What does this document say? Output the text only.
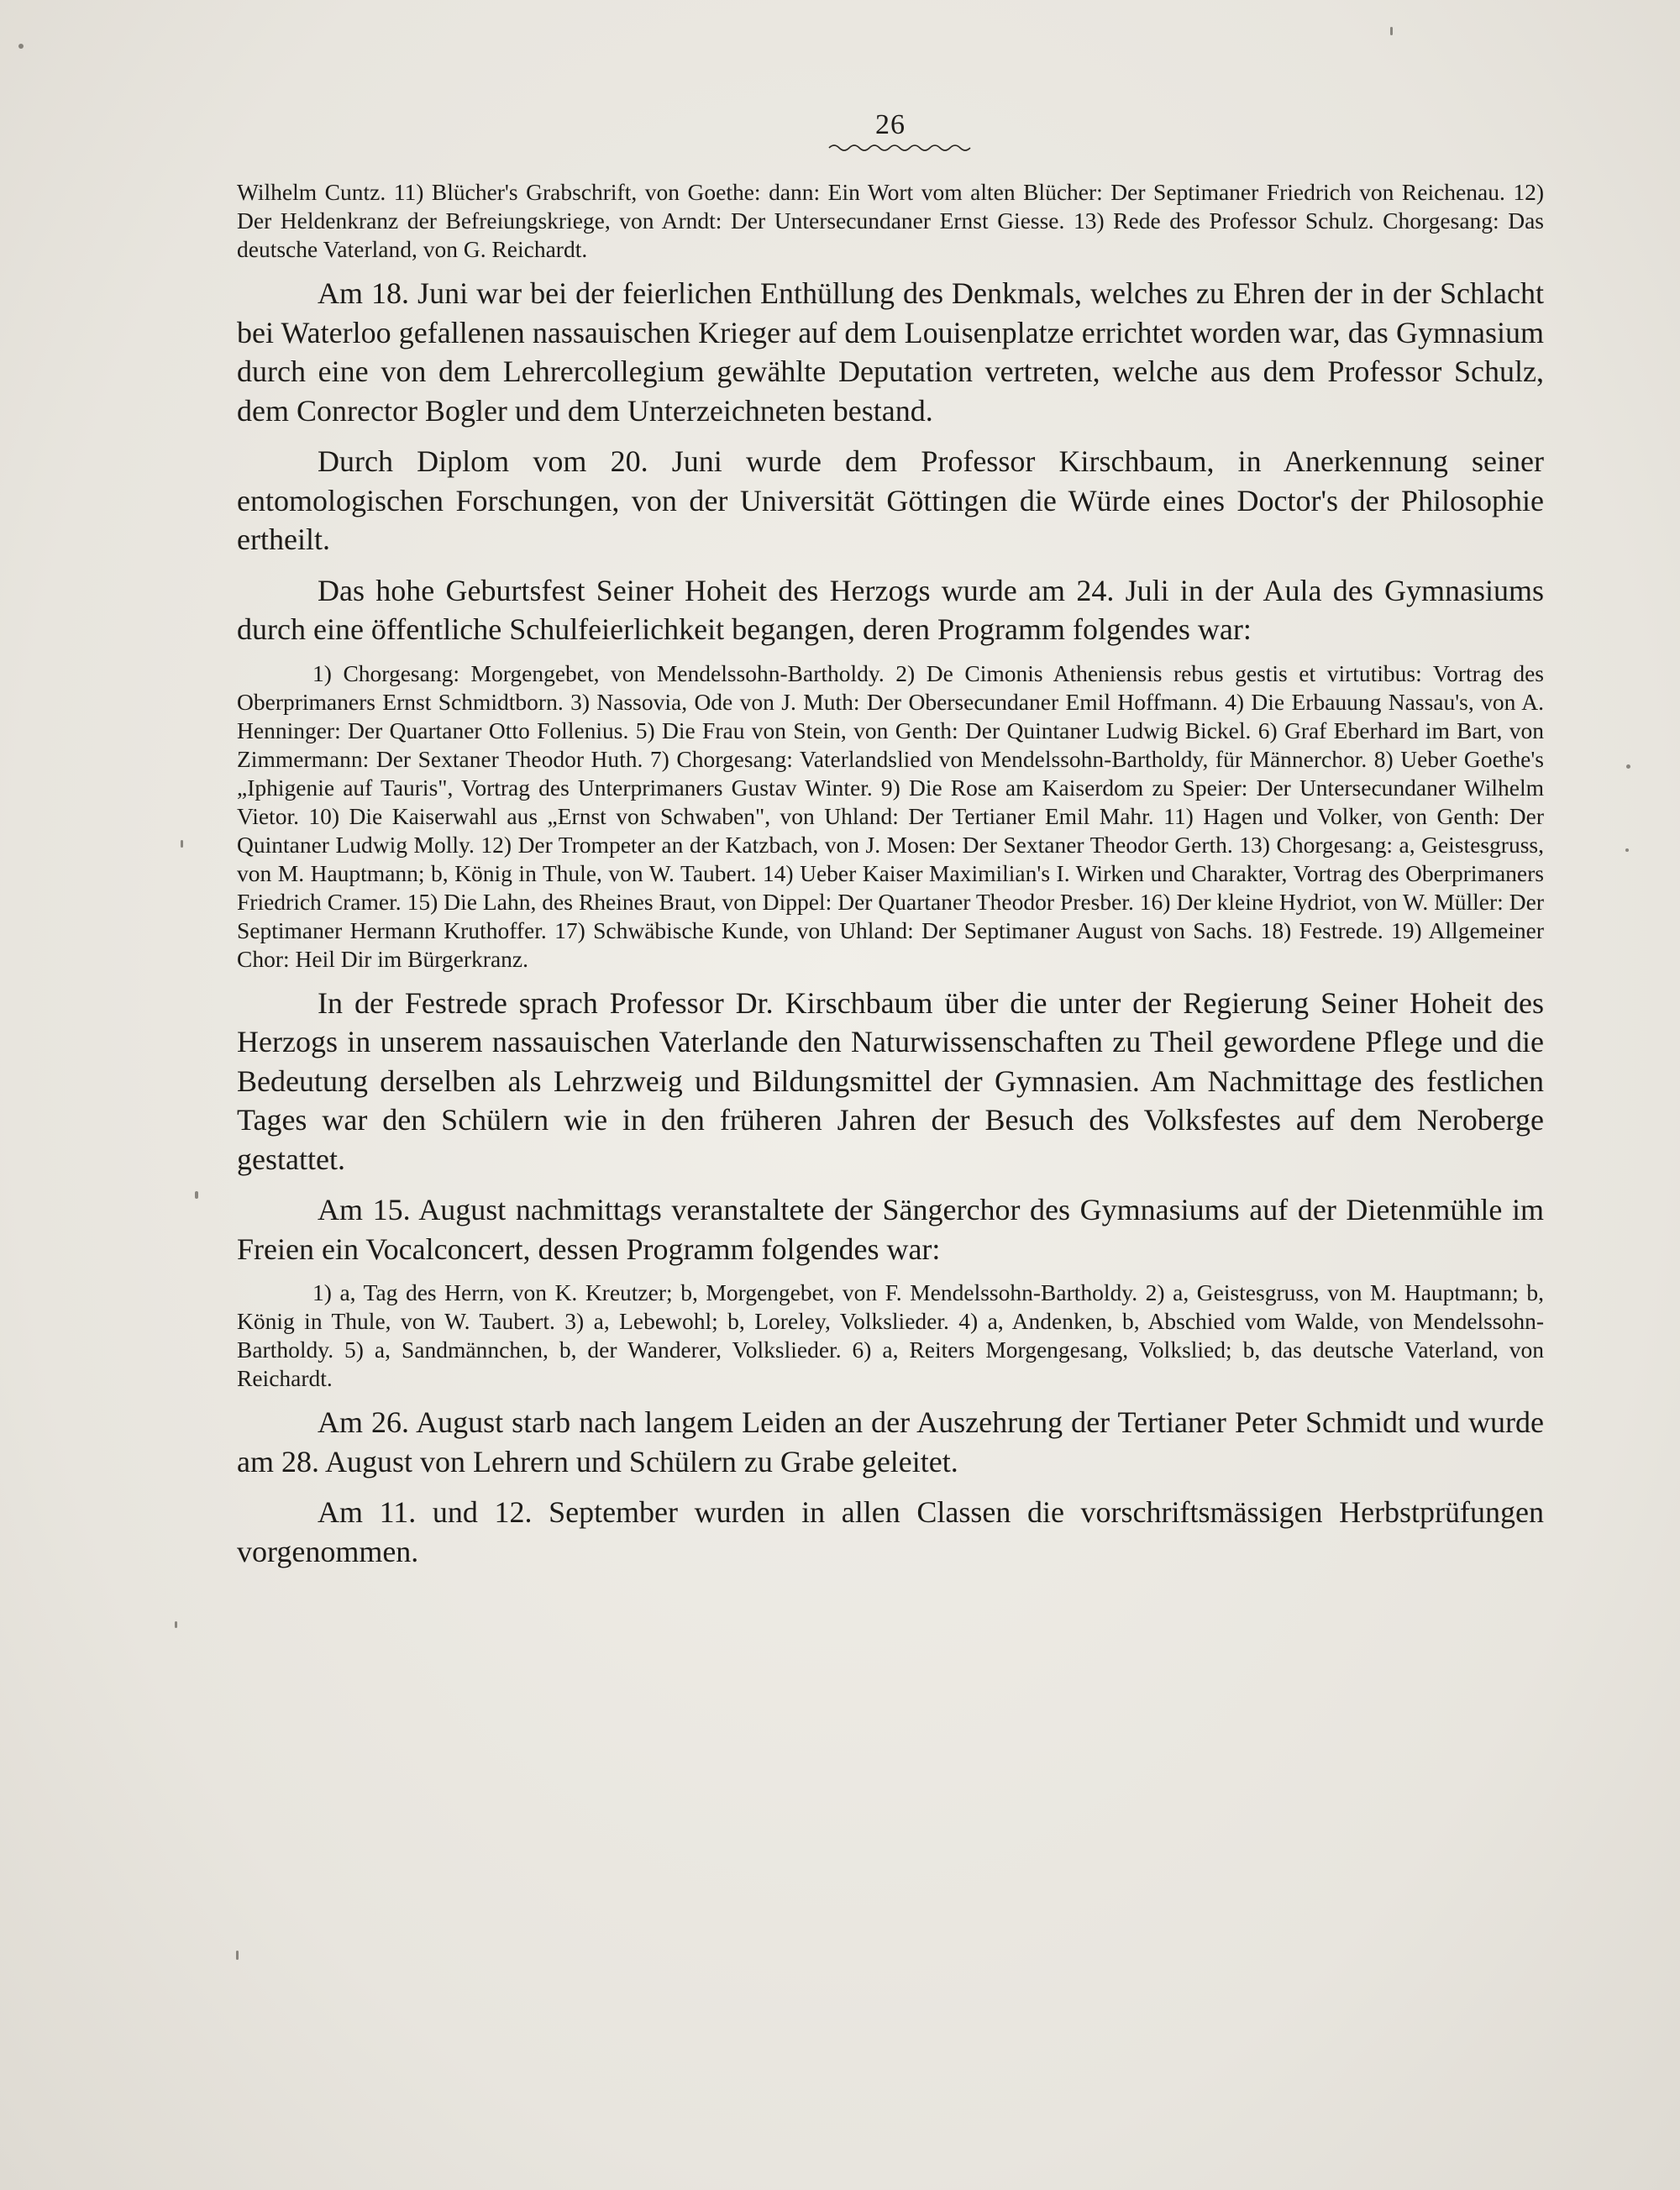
26

Wilhelm Cuntz. 11) Blücher's Grabschrift, von Goethe: dann: Ein Wort vom alten Blücher: Der Septimaner Friedrich von Reichenau. 12) Der Heldenkranz der Befreiungskriege, von Arndt: Der Untersecundaner Ernst Giesse. 13) Rede des Professor Schulz. Chorgesang: Das deutsche Vaterland, von G. Reichardt.

Am 18. Juni war bei der feierlichen Enthüllung des Denkmals, welches zu Ehren der in der Schlacht bei Waterloo gefallenen nassauischen Krieger auf dem Louisenplatze errichtet worden war, das Gymnasium durch eine von dem Lehrercollegium gewählte Deputation vertreten, welche aus dem Professor Schulz, dem Conrector Bogler und dem Unterzeichneten bestand.

Durch Diplom vom 20. Juni wurde dem Professor Kirschbaum, in Anerkennung seiner entomologischen Forschungen, von der Universität Göttingen die Würde eines Doctor's der Philosophie ertheilt.

Das hohe Geburtsfest Seiner Hoheit des Herzogs wurde am 24. Juli in der Aula des Gymnasiums durch eine öffentliche Schulfeierlichkeit begangen, deren Programm folgendes war:

1) Chorgesang: Morgengebet, von Mendelssohn-Bartholdy. 2) De Cimonis Atheniensis rebus gestis et virtutibus: Vortrag des Oberprimaners Ernst Schmidtborn. 3) Nassovia, Ode von J. Muth: Der Obersecundaner Emil Hoffmann. 4) Die Erbauung Nassau's, von A. Henninger: Der Quartaner Otto Follenius. 5) Die Frau von Stein, von Genth: Der Quintaner Ludwig Bickel. 6) Graf Eberhard im Bart, von Zimmermann: Der Sextaner Theodor Huth. 7) Chorgesang: Vaterlandslied von Mendelssohn-Bartholdy, für Männerchor. 8) Ueber Goethe's „Iphigenie auf Tauris", Vortrag des Unterprimaners Gustav Winter. 9) Die Rose am Kaiserdom zu Speier: Der Untersecundaner Wilhelm Vietor. 10) Die Kaiserwahl aus „Ernst von Schwaben", von Uhland: Der Tertianer Emil Mahr. 11) Hagen und Volker, von Genth: Der Quintaner Ludwig Molly. 12) Der Trompeter an der Katzbach, von J. Mosen: Der Sextaner Theodor Gerth. 13) Chorgesang: a, Geistesgruss, von M. Hauptmann; b, König in Thule, von W. Taubert. 14) Ueber Kaiser Maximilian's I. Wirken und Charakter, Vortrag des Oberprimaners Friedrich Cramer. 15) Die Lahn, des Rheines Braut, von Dippel: Der Quartaner Theodor Presber. 16) Der kleine Hydriot, von W. Müller: Der Septimaner Hermann Kruthoffer. 17) Schwäbische Kunde, von Uhland: Der Septimaner August von Sachs. 18) Festrede. 19) Allgemeiner Chor: Heil Dir im Bürgerkranz.

In der Festrede sprach Professor Dr. Kirschbaum über die unter der Regierung Seiner Hoheit des Herzogs in unserem nassauischen Vaterlande den Naturwissenschaften zu Theil gewordene Pflege und die Bedeutung derselben als Lehrzweig und Bildungsmittel der Gymnasien. Am Nachmittage des festlichen Tages war den Schülern wie in den früheren Jahren der Besuch des Volksfestes auf dem Neroberge gestattet.

Am 15. August nachmittags veranstaltete der Sängerchor des Gymnasiums auf der Dietenmühle im Freien ein Vocalconcert, dessen Programm folgendes war:

1) a, Tag des Herrn, von K. Kreutzer; b, Morgengebet, von F. Mendelssohn-Bartholdy. 2) a, Geistesgruss, von M. Hauptmann; b, König in Thule, von W. Taubert. 3) a, Lebewohl; b, Loreley, Volkslieder. 4) a, Andenken, b, Abschied vom Walde, von Mendelssohn-Bartholdy. 5) a, Sandmännchen, b, der Wanderer, Volkslieder. 6) a, Reiters Morgengesang, Volkslied; b, das deutsche Vaterland, von Reichardt.

Am 26. August starb nach langem Leiden an der Auszehrung der Tertianer Peter Schmidt und wurde am 28. August von Lehrern und Schülern zu Grabe geleitet.

Am 11. und 12. September wurden in allen Classen die vorschriftsmässigen Herbstprüfungen vorgenommen.
